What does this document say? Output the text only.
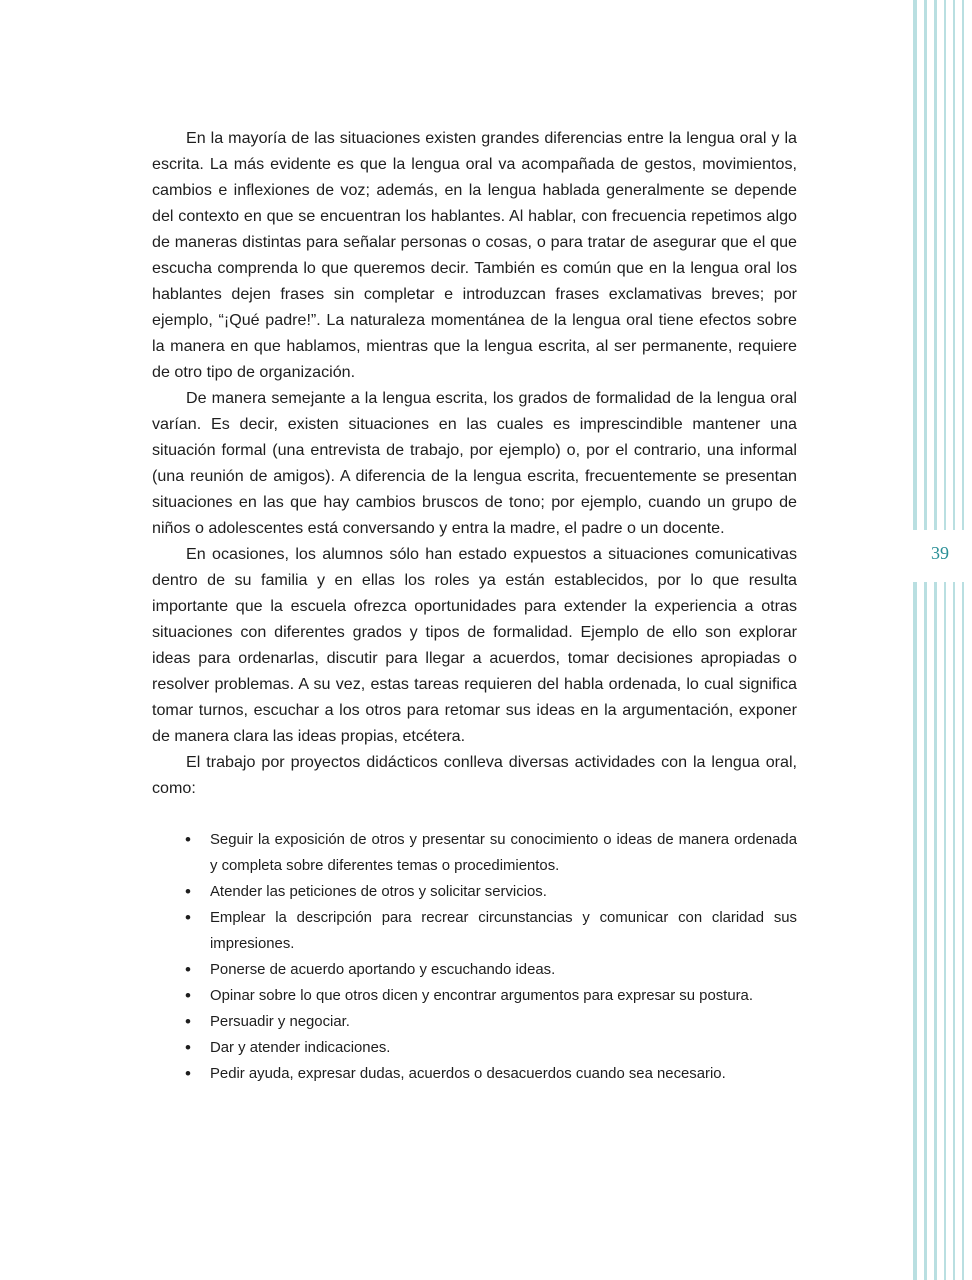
39

En la mayoría de las situaciones existen grandes diferencias entre la lengua oral y la escrita. La más evidente es que la lengua oral va acompañada de gestos, movimientos, cambios e inflexiones de voz; además, en la lengua hablada generalmente se depende del contexto en que se encuentran los hablantes. Al hablar, con frecuencia repetimos algo de maneras distintas para señalar personas o cosas, o para tratar de asegurar que el que escucha comprenda lo que queremos decir. También es común que en la lengua oral los hablantes dejen frases sin completar e introduzcan frases exclamativas breves; por ejemplo, “¡Qué padre!”. La naturaleza momentánea de la lengua oral tiene efectos sobre la manera en que hablamos, mientras que la lengua escrita, al ser permanente, requiere de otro tipo de organización.

De manera semejante a la lengua escrita, los grados de formalidad de la lengua oral varían. Es decir, existen situaciones en las cuales es imprescindible mantener una situación formal (una entrevista de trabajo, por ejemplo) o, por el contrario, una informal (una reunión de amigos). A diferencia de la lengua escrita, frecuentemente se presentan situaciones en las que hay cambios bruscos de tono; por ejemplo, cuando un grupo de niños o adolescentes está conversando y entra la madre, el padre o un docente.

En ocasiones, los alumnos sólo han estado expuestos a situaciones comunicativas dentro de su familia y en ellas los roles ya están establecidos, por lo que resulta importante que la escuela ofrezca oportunidades para extender la experiencia a otras situaciones con diferentes grados y tipos de formalidad. Ejemplo de ello son explorar ideas para ordenarlas, discutir para llegar a acuerdos, tomar decisiones apropiadas o resolver problemas. A su vez, estas tareas requieren del habla ordenada, lo cual significa tomar turnos, escuchar a los otros para retomar sus ideas en la argumentación, exponer de manera clara las ideas propias, etcétera.

El trabajo por proyectos didácticos conlleva diversas actividades con la lengua oral, como:

• Seguir la exposición de otros y presentar su conocimiento o ideas de manera ordenada y completa sobre diferentes temas o procedimientos.
• Atender las peticiones de otros y solicitar servicios.
• Emplear la descripción para recrear circunstancias y comunicar con claridad sus impresiones.
• Ponerse de acuerdo aportando y escuchando ideas.
• Opinar sobre lo que otros dicen y encontrar argumentos para expresar su postura.
• Persuadir y negociar.
• Dar y atender indicaciones.
• Pedir ayuda, expresar dudas, acuerdos o desacuerdos cuando sea necesario.
